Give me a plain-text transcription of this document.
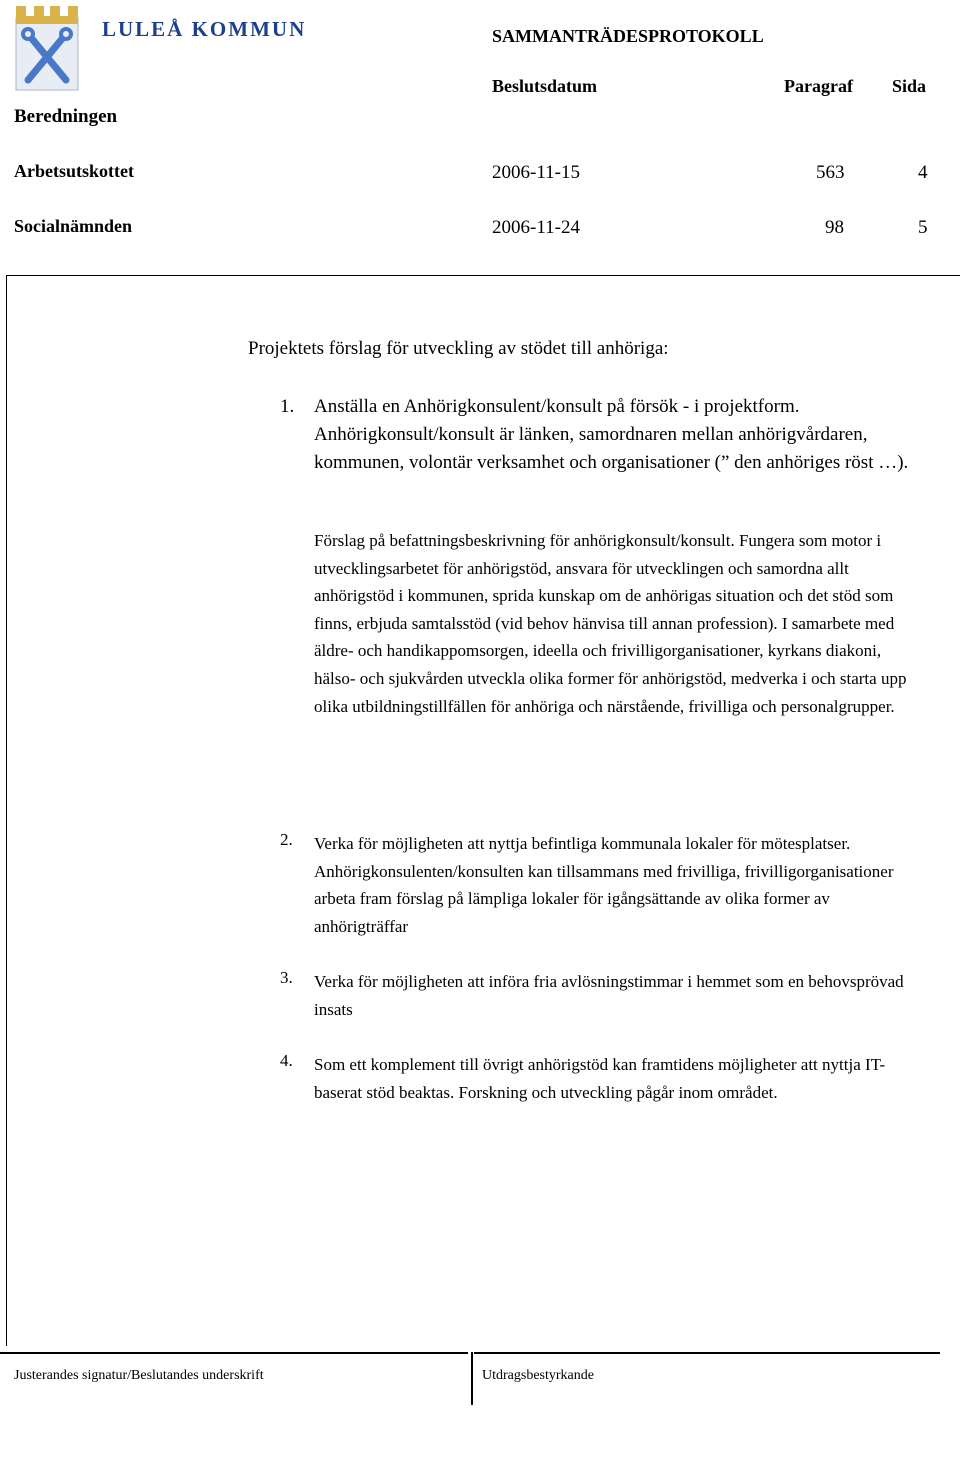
LULEÅ KOMMUN	SAMMANTRÄDESPROTOKOLL
Beslutsdatum	Paragraf Sida
Beredningen
Arbetsutskottet	2006-11-15	563	4
Socialnämnden	2006-11-24	98	5
Projektets förslag för utveckling av stödet till anhöriga:
1. Anställa en Anhörigkonsulent/konsult på försök - i projektform. Anhörigkonsult/konsult är länken, samordnaren mellan anhörigvårdaren, kommunen, volontär verksamhet och organisationer (” den anhöriges röst …).
Förslag på befattningsbeskrivning för anhörigkonsult/konsult. Fungera som motor i utvecklingsarbetet för anhörigstöd, ansvara för utvecklingen och samordna allt anhörigstöd i kommunen, sprida kunskap om de anhörigas situation och det stöd som finns, erbjuda samtalsstöd (vid behov hänvisa till annan profession). I samarbete med äldre- och handikappomsorgen, ideella och frivilligorganisationer, kyrkans diakoni, hälso- och sjukvården utveckla olika former för anhörigstöd, medverka i och starta upp olika utbildningstillfällen för anhöriga och närstående, frivilliga och personalgrupper.
2. Verka för möjligheten att nyttja befintliga kommunala lokaler för mötesplatser. Anhörigkonsulenten/konsulten kan tillsammans med frivilliga, frivilligorganisationer arbeta fram förslag på lämpliga lokaler för igångsättande av olika former av anhörigträffar
3. Verka för möjligheten att införa fria avlösningstimmar i hemmet som en behovsprövad insats
4. Som ett komplement till övrigt anhörigstöd kan framtidens möjligheter att nyttja IT-baserat stöd beaktas. Forskning och utveckling pågår inom området.
Justerandes signatur/Beslutandes underskrift	Utdragsbestyrkande
